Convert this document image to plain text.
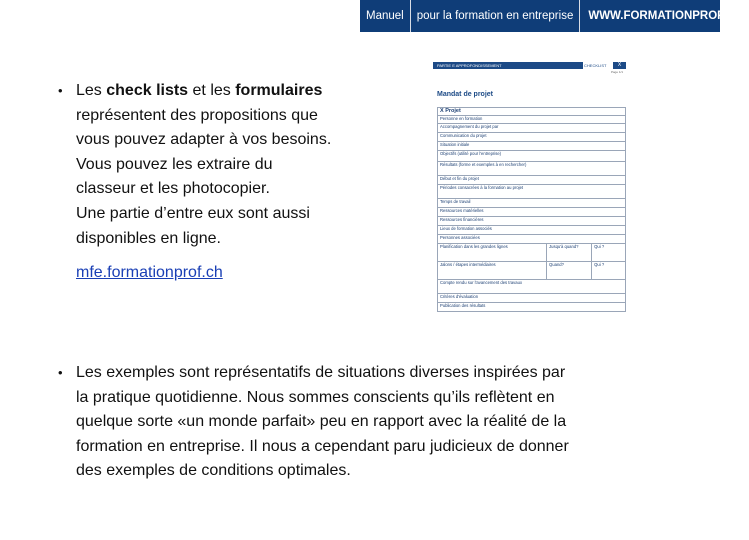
Manuel	pour la formation en entreprise	WWW.FORMATIONPROF.CH
• Les check lists et les formulaires
représentent des propositions que
vous pouvez adapter à vos besoins.
Vous pouvez les extraire du
classeur et les photocopier.
Une partie d’entre eux sont aussi
disponibles en ligne.
mfe.formationprof.ch
PARTIE E APPROFONDISSEMENT	CHECKLIST	X
Page 1/1
Mandat de projet
X Projet		
Personne en formation		
Accompagnement du projet par		
Communication du projet		
Situation initiale		
Objectifs (utilité pour l'entreprise)		
Résultats (forme et exemples à en rechercher)		
Début et fin du projet		
Périodes consacrées à la formation au projet		
Temps de travail		
Ressources matérielles		
Ressources financières		
Lieux de formation associés		
Personnes associées		
Planification dans les grandes lignes	Jusqu'à quand?	Qui ?
Jalons / étapes intermédiaires	Quand?	Qui ?
Compte rendu sur l'avancement des travaux		
Critères d'évaluation		
Publication des résultats		
• Les exemples sont représentatifs de situations diverses inspirées par
la pratique quotidienne. Nous sommes conscients qu’ils reflètent en
quelque sorte «un monde parfait» peu en rapport avec la réalité de la
formation en entreprise. Il nous a cependant paru judicieux de donner
des exemples de conditions optimales.
